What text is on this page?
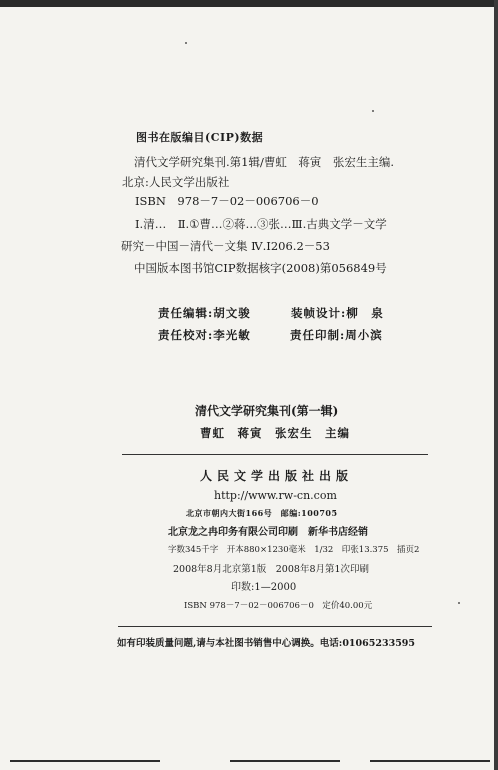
图书在版编目(CIP)数据
清代文学研究集刊.第1辑/曹虹　蒋寅　张宏生主编.
北京:人民文学出版社
ISBN　978－7－02－006706－0
Ⅰ.清…　Ⅱ.①曹…②蒋…③张…Ⅲ.古典文学－文学
研究－中国－清代－文集 Ⅳ.I206.2－53
中国版本图书馆CIP数据核字(2008)第056849号
责任编辑:胡文骏	装帧设计:柳　泉
责任校对:李光敏	责任印制:周小滨
清代文学研究集刊(第一辑)
曹虹　蒋寅　张宏生　主编
人民文学出版社出版
http://www.rw-cn.com
北京市朝内大街166号　邮编:100705
北京龙之冉印务有限公司印刷　新华书店经销
字数345千字　开本880×1230毫米　1/32　印张13.375　插页2
2008年8月北京第1版　2008年8月第1次印刷
印数:1—2000
ISBN 978－7－02－006706－0　定价40.00元
如有印装质量问题,请与本社图书销售中心调换。电话:01065233595
